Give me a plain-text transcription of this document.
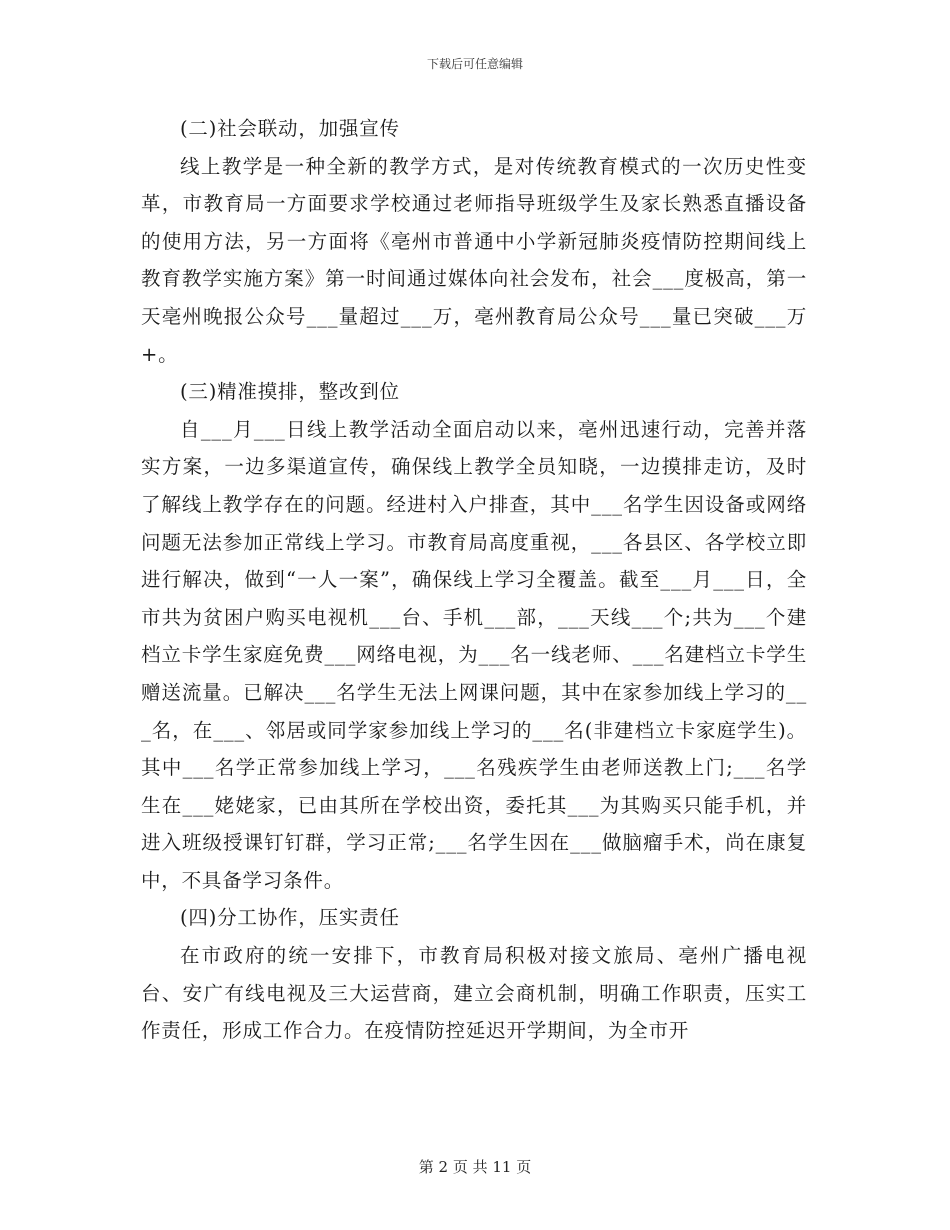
下载后可任意编辑

(二)社会联动，加强宣传

线上教学是一种全新的教学方式，是对传统教育模式的一次历史性变革，市教育局一方面要求学校通过老师指导班级学生及家长熟悉直播设备的使用方法，另一方面将《亳州市普通中小学新冠肺炎疫情防控期间线上教育教学实施方案》第一时间通过媒体向社会发布，社会___度极高，第一天亳州晚报公众号___量超过___万，亳州教育局公众号___量已突破___万+。

(三)精准摸排，整改到位

自___月___日线上教学活动全面启动以来，亳州迅速行动，完善并落实方案，一边多渠道宣传，确保线上教学全员知晓，一边摸排走访，及时了解线上教学存在的问题。经进村入户排查，其中___名学生因设备或网络问题无法参加正常线上学习。市教育局高度重视，___各县区、各学校立即进行解决，做到“一人一案”，确保线上学习全覆盖。截至___月___日，全市共为贫困户购买电视机___台、手机___部，___天线___个;共为___个建档立卡学生家庭免费___网络电视，为___名一线老师、___名建档立卡学生赠送流量。已解决___名学生无法上网课问题，其中在家参加线上学习的___名，在___、邻居或同学家参加线上学习的___名(非建档立卡家庭学生)。其中___名学正常参加线上学习，___名残疾学生由老师送教上门;___名学生在___姥姥家，已由其所在学校出资，委托其___为其购买只能手机，并进入班级授课钉钉群，学习正常;___名学生因在___做脑瘤手术，尚在康复中，不具备学习条件。

(四)分工协作，压实责任

在市政府的统一安排下，市教育局积极对接文旅局、亳州广播电视台、安广有线电视及三大运营商，建立会商机制，明确工作职责，压实工作责任，形成工作合力。在疫情防控延迟开学期间，为全市开

第 2 页 共 11 页
